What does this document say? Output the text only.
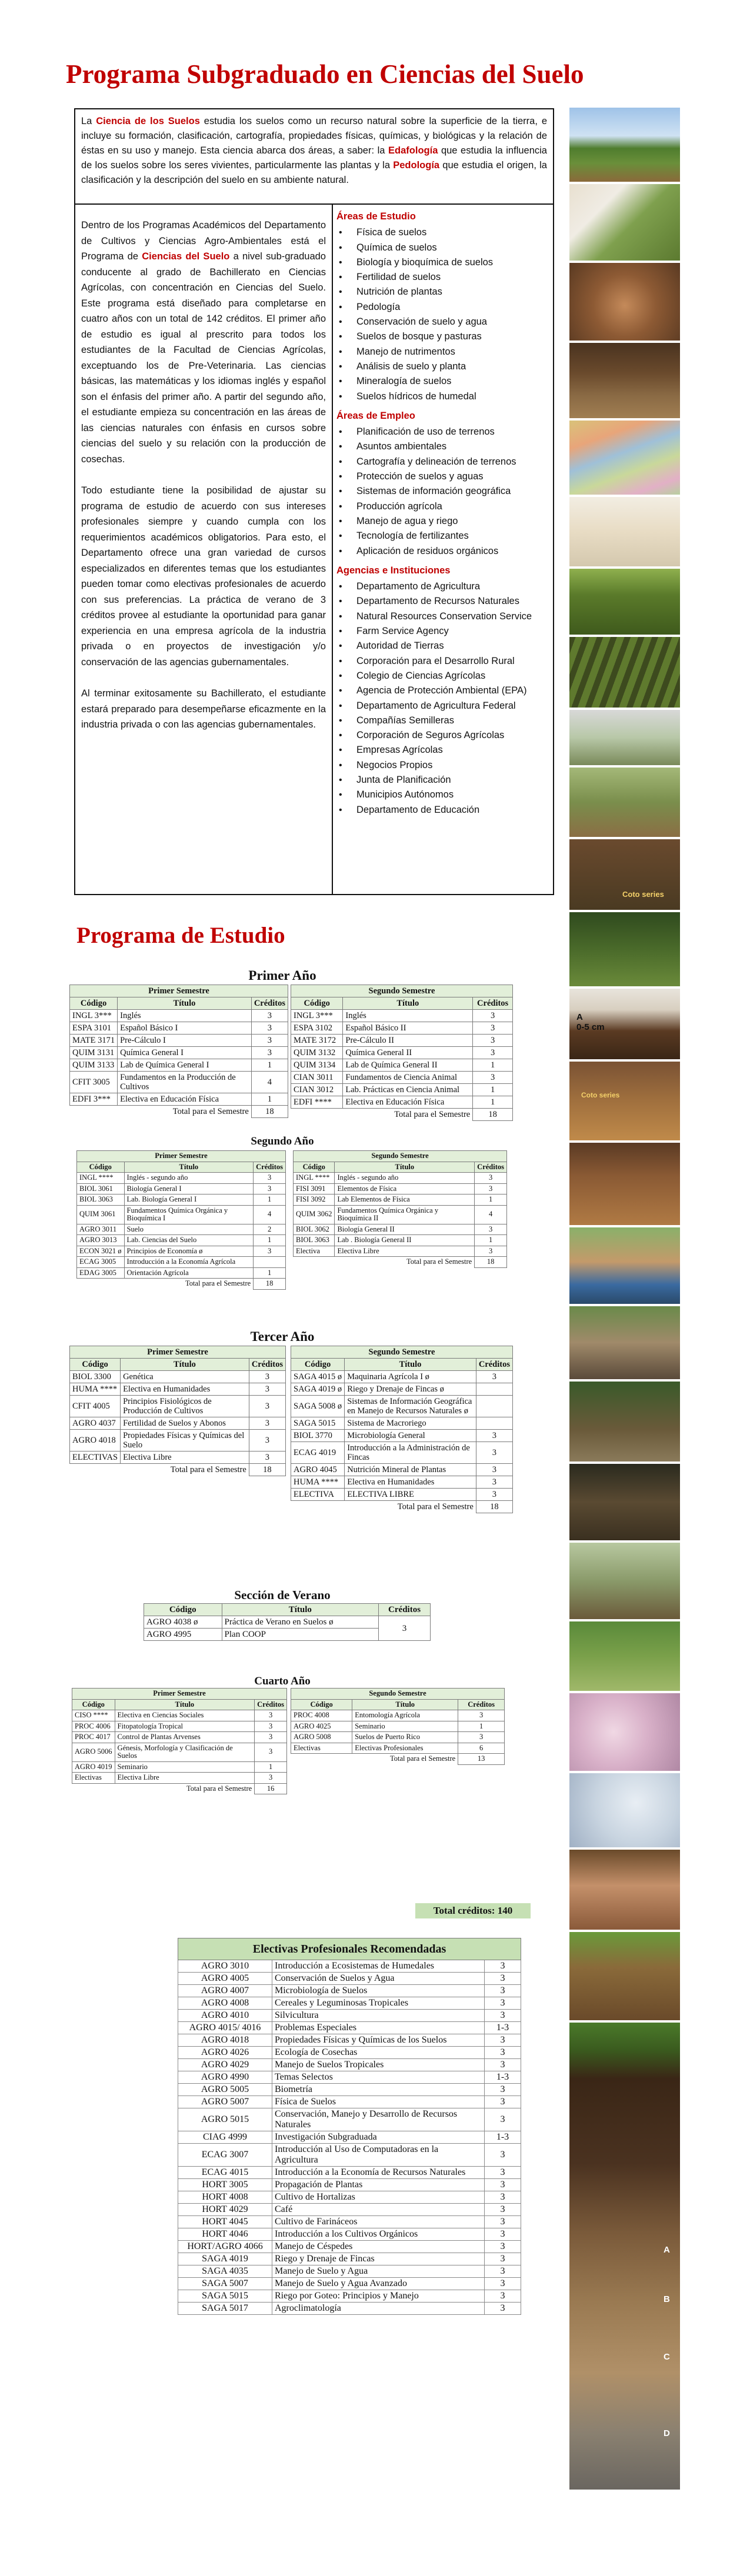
Programa Subgraduado en Ciencias del Suelo
La Ciencia de los Suelos estudia los suelos como un recurso natural sobre la superficie de la tierra, e incluye su formación, clasificación, cartografía, propiedades físicas, químicas, y biológicas y la relación de éstas en su uso y manejo. Esta ciencia abarca dos áreas, a saber: la Edafología que estudia la influencia de los suelos sobre los seres vivientes, particularmente las plantas y la Pedología que estudia el origen, la clasificación y la descripción del suelo en su ambiente natural.

Dentro de los Programas Académicos del Departamento de Cultivos y Ciencias Agro-Ambientales está el Programa de Ciencias del Suelo a nivel sub-graduado conducente al grado de Bachillerato en Ciencias Agrícolas, con concentración en Ciencias del Suelo. Este programa está diseñado para completarse en cuatro años con un total de 142 créditos. El primer año de estudio es igual al prescrito para todos los estudiantes de la Facultad de Ciencias Agrícolas, exceptuando los de Pre-Veterinaria. Las ciencias básicas, las matemáticas y los idiomas inglés y español son el énfasis del primer año. A partir del segundo año, el estudiante empieza su concentración en las áreas de las ciencias naturales con énfasis en cursos sobre ciencias del suelo y su relación con la producción de cosechas.

Todo estudiante tiene la posibilidad de ajustar su programa de estudio de acuerdo con sus intereses profesionales siempre y cuando cumpla con los requerimientos académicos obligatorios. Para esto, el Departamento ofrece una gran variedad de cursos especializados en diferentes temas que los estudiantes pueden tomar como electivas profesionales de acuerdo con sus preferencias. La práctica de verano de 3 créditos provee al estudiante la oportunidad para ganar experiencia en una empresa agrícola de la industria privada o en proyectos de investigación y/o conservación de las agencias gubernamentales.

Al terminar exitosamente su Bachillerato, el estudiante estará preparado para desempeñarse eficazmente en la industria privada o con las agencias gubernamentales.

Áreas de Estudio
• Física de suelos
• Química de suelos
• Biología y bioquímica de suelos
• Fertilidad de suelos
• Nutrición de plantas
• Pedología
• Conservación de suelo y agua
• Suelos de bosque y pasturas
• Manejo de nutrimentos
• Análisis de suelo y planta
• Mineralogía de suelos
• Suelos hídricos de humedal
Áreas de Empleo
• Planificación de uso de terrenos
• Asuntos ambientales
• Cartografía y delineación de terrenos
• Protección de suelos y aguas
• Sistemas de información geográfica
• Producción agrícola
• Manejo de agua y riego
• Tecnología de fertilizantes
• Aplicación de residuos orgánicos
Agencias e Instituciones
• Departamento de Agricultura
• Departamento de Recursos Naturales
• Natural Resources Conservation Service
• Farm Service Agency
• Autoridad de Tierras
• Corporación para el Desarrollo Rural
• Colegio de Ciencias Agrícolas
• Agencia de Protección Ambiental (EPA)
• Departamento de Agricultura Federal
• Compañías Semilleras
• Corporación de Seguros Agrícolas
• Empresas Agrícolas
• Negocios Propios
• Junta de Planificación
• Municipios Autónomos
• Departamento de Educación
Coto series
A
0-5 cm
Coto series
A
B
C
D
Programa de Estudio
Primer Año
Primer Semestre		
Código	Título	Créditos
INGL 3***	Inglés	3
ESPA 3101	Español Básico I	3
MATE 3171	Pre-Cálculo I	3
QUIM 3131	Química General I	3
QUIM 3133	Lab de Química General I	1
CFIT 3005	Fundamentos en la Producción de Cultivos	4
EDFI 3***	Electiva en Educación Física	1
Total para el Semestre		18
Segundo Semestre		
Código	Título	Créditos
INGL 3***	Inglés	3
ESPA 3102	Español Básico II	3
MATE 3172	Pre-Cálculo II	3
QUIM 3132	Química General II	3
QUIM 3134	Lab de Química General II	1
CIAN 3011	Fundamentos de Ciencia Animal	3
CIAN 3012	Lab. Prácticas en Ciencia Animal	1
EDFI ****	Electiva en Educación Física	1
Total para el Semestre		18
Segundo Año
Primer Semestre		
Código	Título	Créditos
INGL ****	Inglés - segundo año	3
BIOL 3061	Biología General I	3
BIOL 3063	Lab. Biología General I	1
QUIM 3061	Fundamentos Química Orgánica y Bioquímica I	4
AGRO 3011	Suelo	2
AGRO 3013	Lab. Ciencias del Suelo	1
ECON 3021 ø	Principios de Economía ø	3
ECAG 3005	Introducción a la Economía Agrícola	
EDAG 3005	Orientación Agrícola	1
Total para el Semestre		18
Segundo Semestre		
Código	Título	Créditos
INGL ****	Inglés - segundo año	3
FISI 3091	Elementos de Física	3
FISI 3092	Lab Elementos de Física	1
QUIM 3062	Fundamentos Química Orgánica y Bioquímica II	4
BIOL 3062	Biología General II	3
BIOL 3063	Lab . Biología General II	1
Electiva	Electiva Libre	3
Total para el Semestre		18
Tercer Año
Primer Semestre		
Código	Título	Créditos
BIOL 3300	Genética	3
HUMA ****	Electiva en Humanidades	3
CFIT 4005	Principios Fisiológicos de Producción de Cultivos	3
AGRO 4037	Fertilidad de Suelos y Abonos	3
AGRO 4018	Propiedades Físicas y Químicas del Suelo	3
ELECTIVAS	Electiva Libre	3
Total para el Semestre		18
Segundo Semestre		
Código	Título	Créditos
SAGA 4015 ø	Maquinaria Agrícola I ø	3
SAGA 4019 ø	Riego y Drenaje de Fincas ø	
SAGA 5008 ø	Sistemas de Información Geográfica en Manejo de Recursos Naturales ø	
SAGA 5015	Sistema de Macroriego	
BIOL 3770	Microbiología General	3
ECAG 4019	Introducción a la Administración de Fincas	3
AGRO 4045	Nutrición Mineral de Plantas	3
HUMA ****	Electiva en Humanidades	3
ELECTIVA	ELECTIVA LIBRE	3
Total para el Semestre		18
Sección de Verano
Código	Título	Créditos
AGRO 4038 ø	Práctica de Verano en Suelos ø	3
AGRO 4995	Plan COOP	
Cuarto Año
Primer Semestre		
Código	Título	Créditos
CISO ****	Electiva en Ciencias Sociales	3
PROC 4006	Fitopatología Tropical	3
PROC 4017	Control de Plantas Arvenses	3
AGRO 5006	Génesis, Morfología y Clasificación de Suelos	3
AGRO 4019	Seminario	1
Electivas	Electiva Libre	3
Total para el Semestre		16
Segundo Semestre		
Código	Título	Créditos
PROC 4008	Entomología Agrícola	3
AGRO 4025	Seminario	1
AGRO 5008	Suelos de Puerto Rico	3
Electivas	Electivas Profesionales	6
Total para el Semestre		13
Total créditos: 140
Electivas Profesionales Recomendadas		
AGRO 3010	Introducción a Ecosistemas de Humedales	3
AGRO 4005	Conservación de Suelos y Agua	3
AGRO 4007	Microbiología de Suelos	3
AGRO 4008	Cereales y Leguminosas Tropicales	3
AGRO 4010	Silvicultura	3
AGRO 4015/ 4016	Problemas Especiales	1-3
AGRO 4018	Propiedades Físicas y Químicas de los Suelos	3
AGRO 4026	Ecología de Cosechas	3
AGRO 4029	Manejo de Suelos Tropicales	3
AGRO 4990	Temas Selectos	1-3
AGRO 5005	Biometría	3
AGRO 5007	Física de Suelos	3
AGRO 5015	Conservación, Manejo y Desarrollo de Recursos Naturales	3
CIAG 4999	Investigación Subgraduada	1-3
ECAG 3007	Introducción al Uso de Computadoras en la Agricultura	3
ECAG 4015	Introducción a la Economía de Recursos Naturales	3
HORT 3005	Propagación de Plantas	3
HORT 4008	Cultivo de Hortalizas	3
HORT 4029	Café	3
HORT 4045	Cultivo de Farináceos	3
HORT 4046	Introducción a los Cultivos Orgánicos	3
HORT/AGRO 4066	Manejo de Céspedes	3
SAGA 4019	Riego y Drenaje de Fincas	3
SAGA 4035	Manejo de Suelo y Agua	3
SAGA 5007	Manejo de Suelo y Agua Avanzado	3
SAGA 5015	Riego por Goteo: Principios y Manejo	3
SAGA 5017	Agroclimatología	3
